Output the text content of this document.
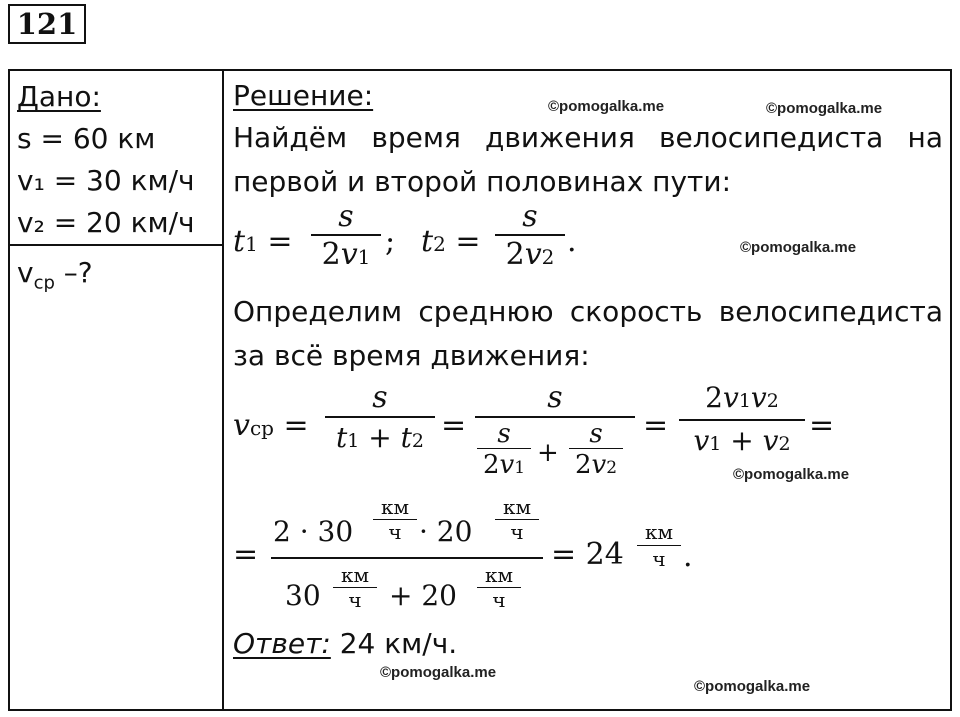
121
Дано:
s = 60 км
v₁ = 30 км/ч
v₂ = 20 км/ч
$v_{ср}$ –?
Решение:
Найдём время движения велосипедиста на первой и второй половинах пути:
t1 =
s
2v1 ; t2 =
s
2v2 .
Определим среднюю скорость велосипедиста за всё время движения:
vср =
s
t1 + t2 =
s
s
2v1 +
s
2v2
=
2v1v2
v1 + v2
=
=
2 · 30
км
ч · 20
км
ч
30
км
ч + 20
км
ч
= 24
км
ч .
Ответ: 24 км/ч.
©pomogalka.me	©pomogalka.me
©pomogalka.me
©pomogalka.me
©pomogalka.me
©pomogalka.me
